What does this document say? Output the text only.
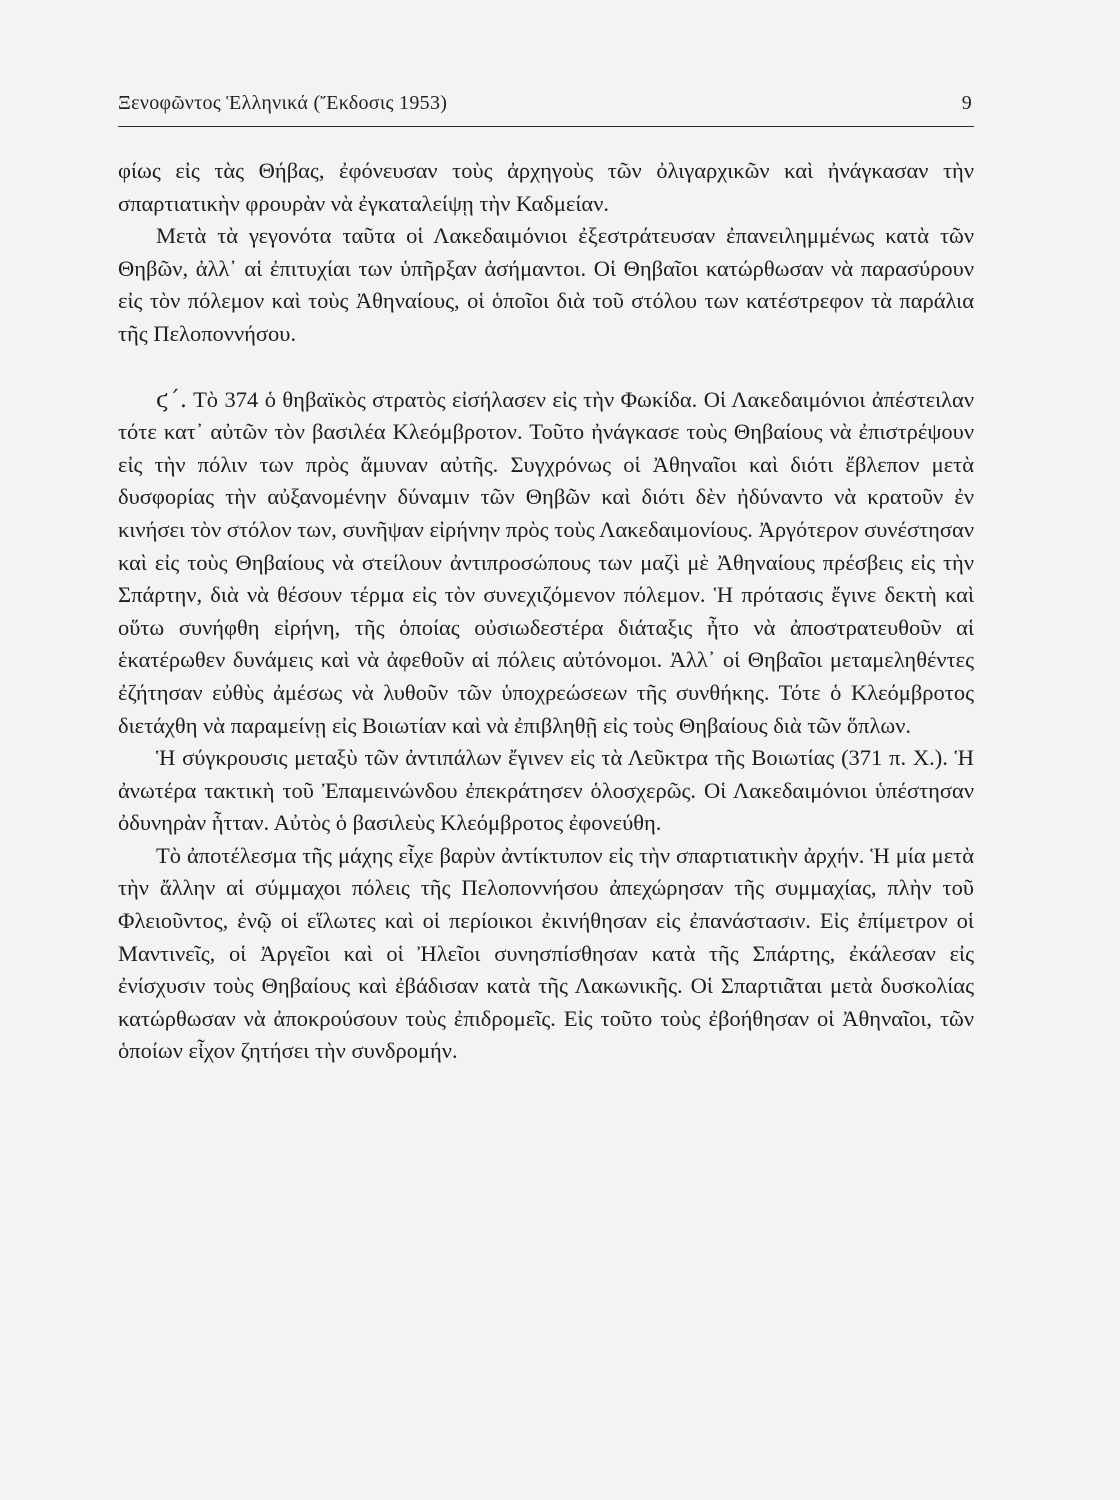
Ξενοφῶντος Ἑλληνικά (Ἔκδοσις 1953)	9

φίως εἰς τὰς Θήβας, ἐφόνευσαν τοὺς ἀρχηγοὺς τῶν ὀλιγαρχικῶν καὶ ἠνάγκασαν τὴν σπαρτιατικὴν φρουρὰν νὰ ἐγκαταλείψῃ τὴν Καδμείαν.

Μετὰ τὰ γεγονότα ταῦτα οἱ Λακεδαιμόνιοι ἐξεστράτευσαν ἐπανειλημμένως κατὰ τῶν Θηβῶν, ἀλλ᾽ αἱ ἐπιτυχίαι των ὑπῆρξαν ἀσήμαντοι. Οἱ Θηβαῖοι κατώρθωσαν νὰ παρασύρουν εἰς τὸν πόλεμον καὶ τοὺς Ἀθηναίους, οἱ ὁποῖοι διὰ τοῦ στόλου των κατέστρεφον τὰ παράλια τῆς Πελοποννήσου.

ϛ΄. Τὸ 374 ὁ θηβαϊκὸς στρατὸς εἰσήλασεν εἰς τὴν Φωκίδα. Οἱ Λακεδαιμόνιοι ἀπέστειλαν τότε κατ᾽ αὐτῶν τὸν βασιλέα Κλεόμβροτον. Τοῦτο ἠνάγκασε τοὺς Θηβαίους νὰ ἐπιστρέψουν εἰς τὴν πόλιν των πρὸς ἄμυναν αὐτῆς. Συγχρόνως οἱ Ἀθηναῖοι καὶ διότι ἔβλεπον μετὰ δυσφορίας τὴν αὐξανομένην δύναμιν τῶν Θηβῶν καὶ διότι δὲν ἠδύναντο νὰ κρατοῦν ἐν κινήσει τὸν στόλον των, συνῆψαν εἰρήνην πρὸς τοὺς Λακεδαιμονίους. Ἀργότερον συνέστησαν καὶ εἰς τοὺς Θηβαίους νὰ στείλουν ἀντιπροσώπους των μαζὶ μὲ Ἀθηναίους πρέσβεις εἰς τὴν Σπάρτην, διὰ νὰ θέσουν τέρμα εἰς τὸν συνεχιζόμενον πόλεμον. Ἡ πρότασις ἔγινε δεκτὴ καὶ οὕτω συνήφθη εἰρήνη, τῆς ὁποίας οὐσιωδεστέρα διάταξις ἦτο νὰ ἀποστρατευθοῦν αἱ ἑκατέρωθεν δυνάμεις καὶ νὰ ἀφεθοῦν αἱ πόλεις αὐτόνομοι. Ἀλλ᾽ οἱ Θηβαῖοι μεταμεληθέντες ἐζήτησαν εὐθὺς ἀμέσως νὰ λυθοῦν τῶν ὑποχρεώσεων τῆς συνθήκης. Τότε ὁ Κλεόμβροτος διετάχθη νὰ παραμείνῃ εἰς Βοιωτίαν καὶ νὰ ἐπιβληθῇ εἰς τοὺς Θηβαίους διὰ τῶν ὅπλων.

Ἡ σύγκρουσις μεταξὺ τῶν ἀντιπάλων ἔγινεν εἰς τὰ Λεῦκτρα τῆς Βοιωτίας (371 π. Χ.). Ἡ ἀνωτέρα τακτικὴ τοῦ Ἐπαμεινώνδου ἐπεκράτησεν ὁλοσχερῶς. Οἱ Λακεδαιμόνιοι ὑπέστησαν ὀδυνηρὰν ἧτταν. Αὐτὸς ὁ βασιλεὺς Κλεόμβροτος ἐφονεύθη.

Τὸ ἀποτέλεσμα τῆς μάχης εἶχε βαρὺν ἀντίκτυπον εἰς τὴν σπαρτιατικὴν ἀρχήν. Ἡ μία μετὰ τὴν ἄλλην αἱ σύμμαχοι πόλεις τῆς Πελοποννήσου ἀπεχώρησαν τῆς συμμαχίας, πλὴν τοῦ Φλειοῦντος, ἐνῷ οἱ εἵλωτες καὶ οἱ περίοικοι ἐκινήθησαν εἰς ἐπανάστασιν. Εἰς ἐπίμετρον οἱ Μαντινεῖς, οἱ Ἀργεῖοι καὶ οἱ Ἠλεῖοι συνησπίσθησαν κατὰ τῆς Σπάρτης, ἐκάλεσαν εἰς ἐνίσχυσιν τοὺς Θηβαίους καὶ ἐβάδισαν κατὰ τῆς Λακωνικῆς. Οἱ Σπαρτιᾶται μετὰ δυσκολίας κατώρθωσαν νὰ ἀποκρούσουν τοὺς ἐπιδρομεῖς. Εἰς τοῦτο τοὺς ἐβοήθησαν οἱ Ἀθηναῖοι, τῶν ὁποίων εἶχον ζητήσει τὴν συνδρομήν.
